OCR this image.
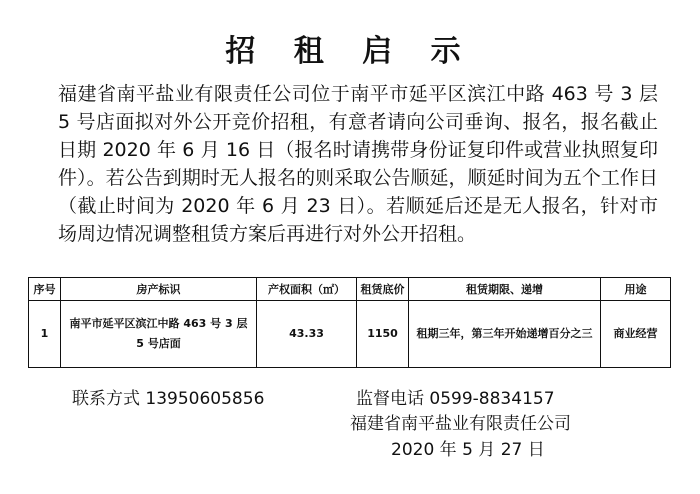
招 租 启 示

福建省南平盐业有限责任公司位于南平市延平区滨江中路 463 号 3 层 5 号店面拟对外公开竞价招租，有意者请向公司垂询、报名，报名截止日期 2020 年 6 月 16 日（报名时请携带身份证复印件或营业执照复印件）。若公告到期时无人报名的则采取公告顺延，顺延时间为五个工作日（截止时间为 2020 年 6 月 23 日）。若顺延后还是无人报名，针对市场周边情况调整租赁方案后再进行对外公开招租。

序号	房产标识	产权面积（㎡）	租赁底价	租赁期限、递增	用途
1	南平市延平区滨江中路 463 号 3 层 5 号店面	43.33	1150	租期三年，第三年开始递增百分之三	商业经营
联系方式 13950605856	监督电话 0599-8834157
福建省南平盐业有限责任公司
2020 年 5 月 27 日
